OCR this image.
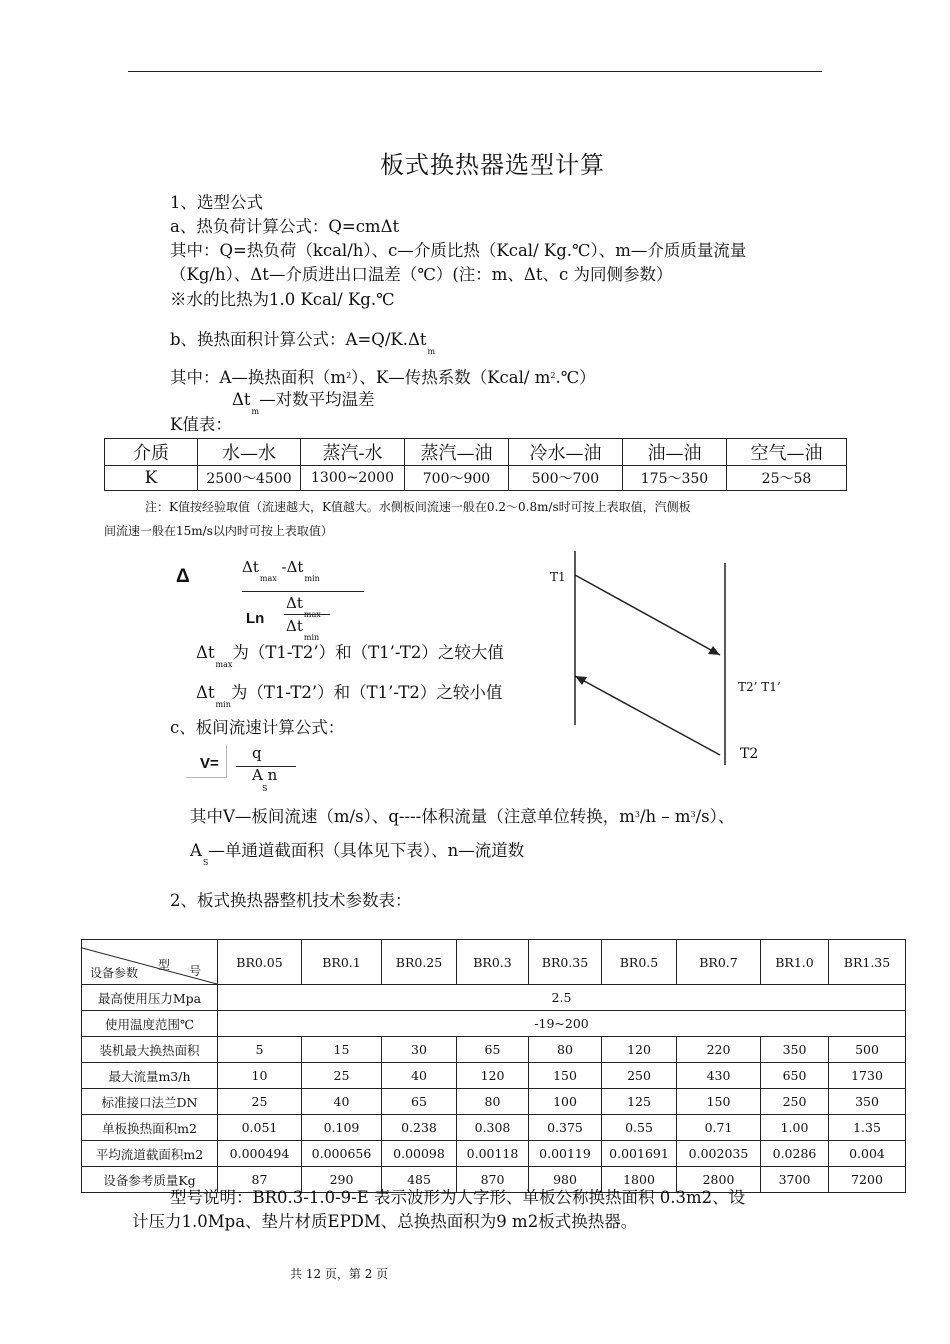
板式换热器选型计算
1、选型公式
a、热负荷计算公式：Q=cmΔt
其中：Q=热负荷（kcal/h）、c—介质比热（Kcal/ Kg.℃）、m—介质质量流量
（Kg/h）、Δt—介质进出口温差（℃）(注：m、Δt、c 为同侧参数）
※水的比热为1.0 Kcal/ Kg.℃
b、换热面积计算公式：$A=Q/K.\Delta t_m$
其中：A—换热面积$(m^2)$、K—传热系数（Kcal/ $m^2.℃$）
$\Delta t_m—$对数平均温差
K值表：
介质	水—水	蒸汽-水	蒸汽—油	冷水—油	油—油	空气—油
K	2500～4500	1300~2000	700～900	500～700	175～350	25～58
注：K值按经验取值（流速越大，K值越大。水侧板间流速一般在0.2～0.8m/s时可按上表取值，汽侧板
间流速一般在15m/s以内时可按上表取值）
Δ	$\Delta t_{max}$ $-\Delta t_{min}$
Ln
$\Delta t_{max}$
$\Delta t_{min}$
$\Delta t_{max}$为（T1-T2’）和（T1’-T2）之较大值
$\Delta t_{min}$为（T1-T2’）和（T1’-T2）之较小值
T1
T2’ T1’
T2
c、板间流速计算公式：
V=
q
A n
S
其中V—板间流速（m/s）、q----体积流量（注意单位转换，$m^3/h - m^3/s$）、
$A_S—$单通道截面积（具体见下表）、n—流道数
2、板式换热器整机技术参数表：
设备参数
型 号	BR0.05	BR0.1	BR0.25	BR0.3	BR0.35	BR0.5	BR0.7	BR1.0	BR1.35
最高使用压力Mpa	2.5								
使用温度范围℃	-19~200								
装机最大换热面积	5	15	30	65	80	120	220	350	500
最大流量m3/h	10	25	40	120	150	250	430	650	1730
标准接口法兰DN	25	40	65	80	100	125	150	250	350
单板换热面积m2	0.051	0.109	0.238	0.308	0.375	0.55	0.71	1.00	1.35
平均流道截面积m2	0.000494	0.000656	0.00098	0.00118	0.00119	0.001691	0.002035	0.0286	0.004
设备参考质量Kg	87	290	485	870	980	1800	2800	3700	7200
型号说明：BR0.3-1.0-9-E 表示波形为人字形、单板公称换热面积 0.3m2、设
计压力1.0Mpa、垫片材质EPDM、总换热面积为9 m2板式换热器。
共 12 页，第 2 页
